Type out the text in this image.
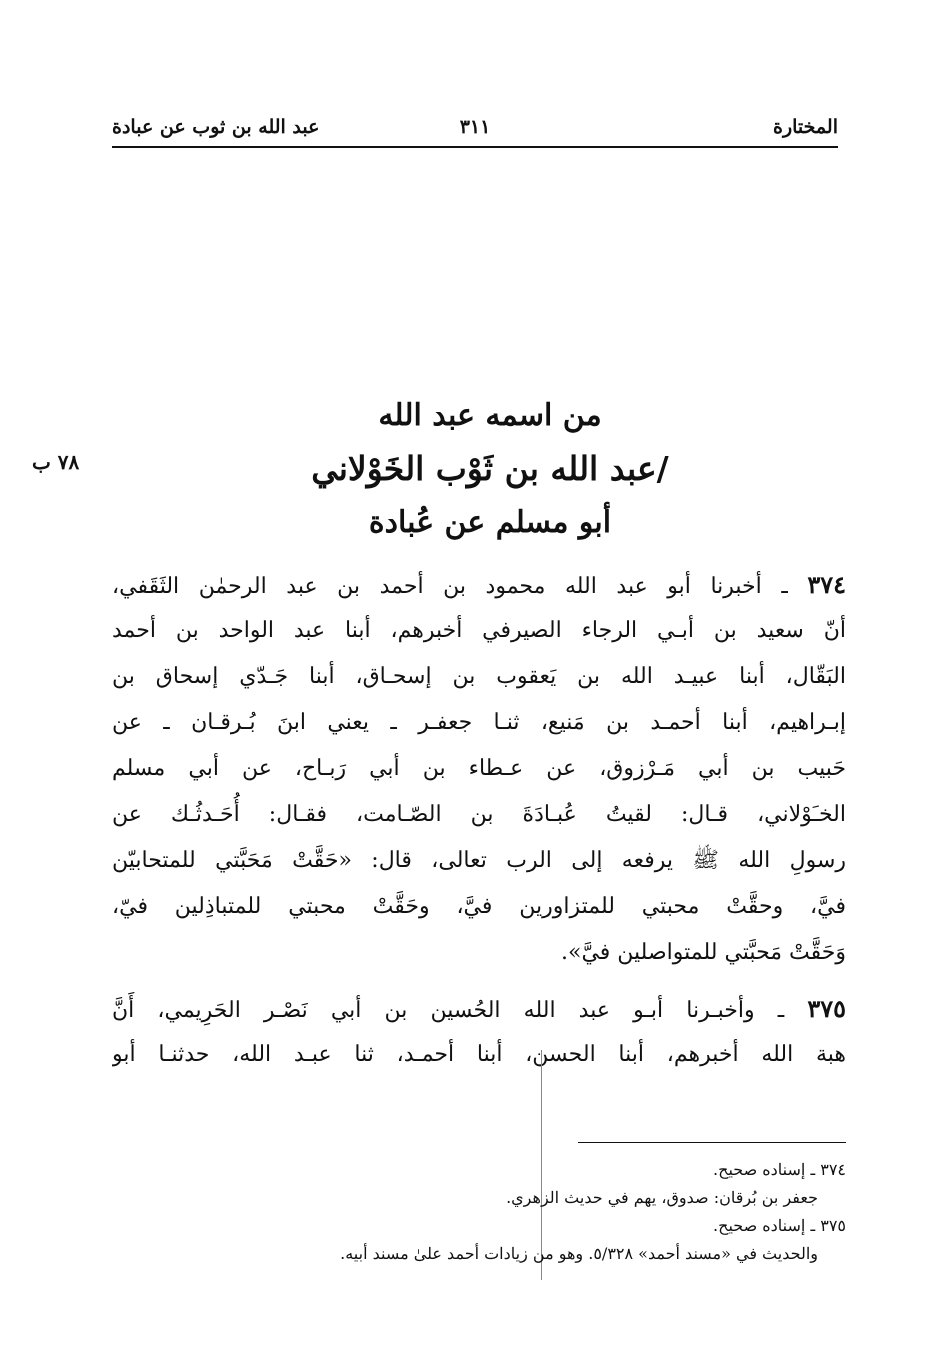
المختارة
٣١١
عبد الله بن ثوب عن عبادة
من اسمه عبد الله
/عبد الله بن ثَوْب الخَوْلاني
أبو مسلم عن عُبادة
٧٨ ب
٣٧٤ ـ أخبرنا أبو عبد الله محمود بن أحمد بن عبد الرحمٰن الثَقَفي،
أنّ سعيد بن أبـي الرجاء الصيرفي أخبرهم، أبنا عبد الواحد بن أحمد
البَقّال، أبنا عبيـد الله بن يَعقوب بن إسحـاق، أبنا جَـدّي إسحاق بن
إبـراهيم، أبنا أحمـد بن مَنيع، ثنـا جعفـر ـ يعني ابنَ بُـرقـان ـ عن
حَبيب بن أبي مَـرْزوق، عن عـطاء بن أبي رَبـاح، عن أبي مسلم
الخـَوْلاني، قـال: لقيتُ عُبـادَةَ بن الصّـامت، فقـال: أُحَـدثُـك عن
رسولِ الله ﷺ يرفعه إلى الرب تعالى، قال: «حَقَّتْ مَحَبَّتي للمتحابيّن
فيَّ، وحقَّتْ محبتي للمتزاورين فيَّ، وحَقَّتْ محبتي للمتباذِلين فيّ،
وَحَقَّتْ مَحبَّتي للمتواصلين فيَّ».
٣٧٥ ـ وأخبـرنا أبـو عبد الله الحُسين بن أبي نَصْـر الحَرِيمي، أَنَّ
هبة الله أخبرهم، أبنا الحسن، أبنا أحمـد، ثنا عبـد الله، حدثنـا أبو
٣٧٤ ـ إسناده صحيح.
جعفر بن بُرقان: صدوق، يهم في حديث الزهري.
٣٧٥ ـ إسناده صحيح.
والحديث في «مسند أحمد» ٥/٣٢٨. وهو من زيادات أحمد علىٰ مسند أبيه.
